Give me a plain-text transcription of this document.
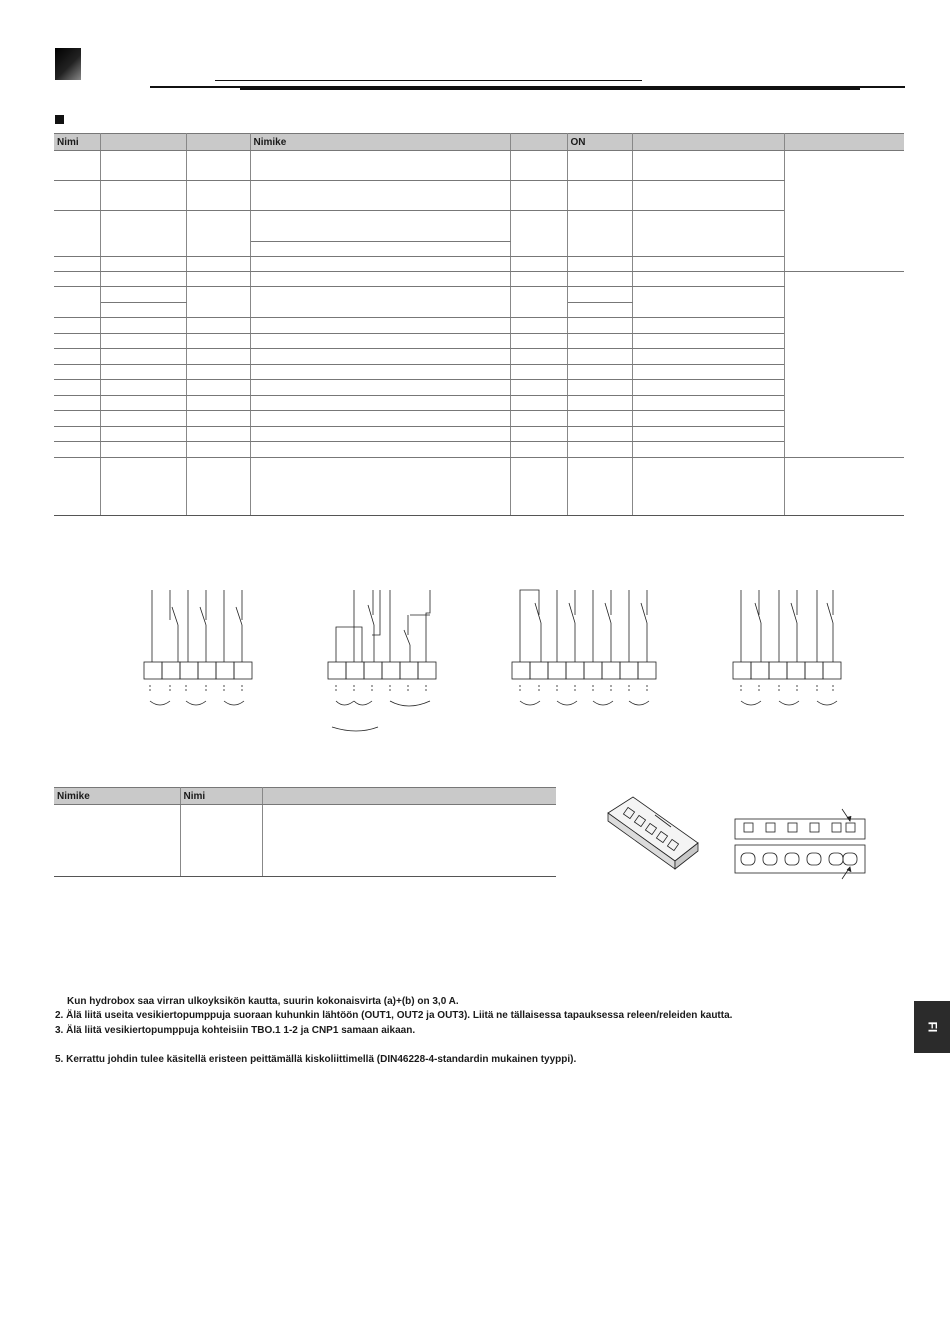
Nimi			Nimike		ON		

Nimike	Nimi	

Kun hydrobox saa virran ulkoyksikön kautta, suurin kokonaisvirta (a)+(b) on 3,0 A.
2. Älä liitä useita vesikiertopumppuja suoraan kuhunkin lähtöön (OUT1, OUT2 ja OUT3). Liitä ne tällaisessa tapauksessa releen/releiden kautta.
3. Älä liitä vesikiertopumppuja kohteisiin TBO.1 1-2 ja CNP1 samaan aikaan.
5. Kerrattu johdin tulee käsitellä eristeen peittämällä kiskoliittimellä (DIN46228-4-standardin mukainen tyyppi).
FI
